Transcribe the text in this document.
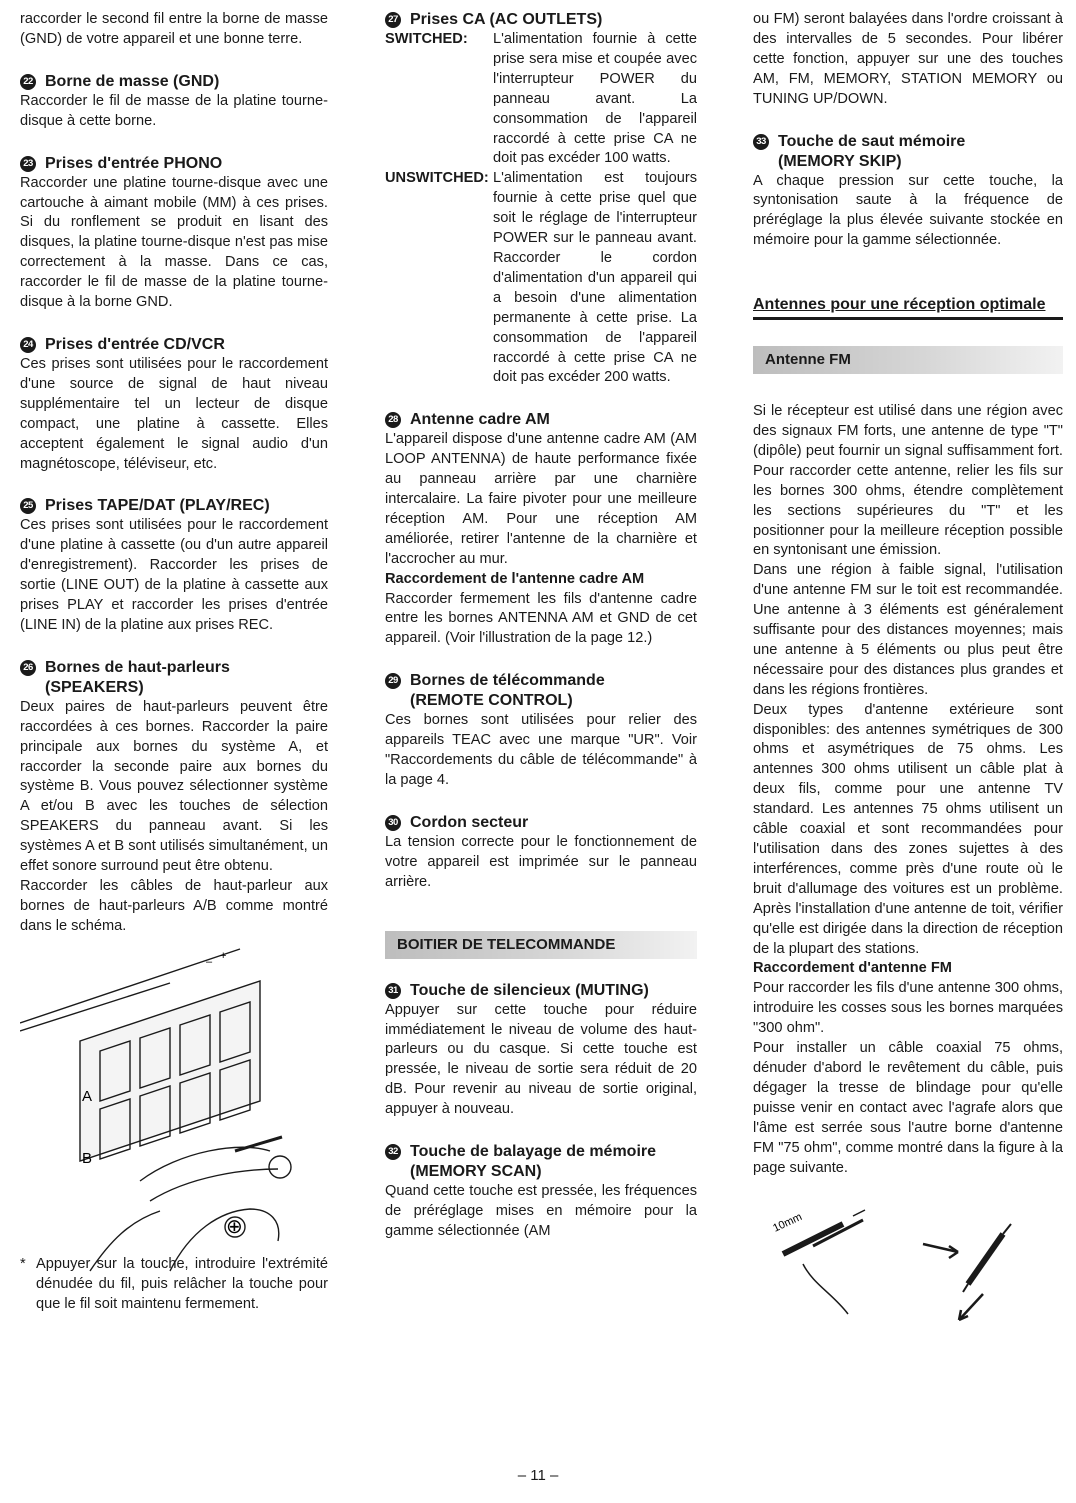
raccorder le second fil entre la borne de masse (GND) de votre appareil et une bonne terre.

22 Borne de masse (GND)

Raccorder le fil de masse de la platine tourne-disque à cette borne.

23 Prises d'entrée PHONO

Raccorder une platine tourne-disque avec une cartouche à aimant mobile (MM) à ces prises. Si du ronflement se produit en lisant des disques, la platine tourne-disque n'est pas mise correctement à la masse. Dans ce cas, raccorder le fil de masse de la platine tourne-disque à la borne GND.

24 Prises d'entrée CD/VCR

Ces prises sont utilisées pour le raccordement d'une source de signal de haut niveau supplémentaire tel un lecteur de disque compact, une platine à cassette. Elles acceptent également le signal audio d'un magnétoscope, téléviseur, etc.

25 Prises TAPE/DAT (PLAY/REC)

Ces prises sont utilisées pour le raccordement d'une platine à cassette (ou d'un autre appareil d'enregistrement). Raccorder les prises de sortie (LINE OUT) de la platine à cassette aux prises PLAY et raccorder les prises d'entrée (LINE IN) de la platine aux prises REC.

26 Bornes de haut-parleurs
(SPEAKERS)

Deux paires de haut-parleurs peuvent être raccordées à ces bornes. Raccorder la paire principale aux bornes du système A, et raccorder la seconde paire aux bornes du système B. Vous pouvez sélectionner système A et/ou B avec les touches de sélection SPEAKERS du panneau avant. Si les systèmes A et B sont utilisés simultanément, un effet sonore surround peut être obtenu.

Raccorder les câbles de haut-parleur aux bornes de haut-parleurs A/B comme montré dans le schéma.

A
B
– +
⊕
* Appuyer sur la touche, introduire l'extrémité dénudée du fil, puis relâcher la touche pour que le fil soit maintenu fermement.
27 Prises CA (AC OUTLETS)
SWITCHED:	L'alimentation fournie à cette prise sera mise et coupée avec l'interrupteur POWER du panneau avant. La consommation de l'appareil raccordé à cette prise CA ne doit pas excéder 100 watts.
UNSWITCHED: L'alimentation est toujours fournie à cette prise quel que soit le réglage de l'interrupteur POWER sur le panneau avant. Raccorder le cordon d'alimentation d'un appareil qui a besoin d'une alimentation permanente à cette prise. La consommation de l'appareil raccordé à cette prise CA ne doit pas excéder 200 watts.
28 Antenne cadre AM

L'appareil dispose d'une antenne cadre AM (AM LOOP ANTENNA) de haute performance fixée au panneau arrière par une charnière intercalaire. La faire pivoter pour une meilleure réception AM. Pour une réception AM améliorée, retirer l'antenne de la charnière et l'accrocher au mur.

Raccordement de l'antenne cadre AM

Raccorder fermement les fils d'antenne cadre entre les bornes ANTENNA AM et GND de cet appareil. (Voir l'illustration de la page 12.)

29 Bornes de télécommande
(REMOTE CONTROL)

Ces bornes sont utilisées pour relier des appareils TEAC avec une marque "UR". Voir "Raccordements du câble de télécommande" à la page 4.

30 Cordon secteur

La tension correcte pour le fonctionnement de votre appareil est imprimée sur le panneau arrière.

BOITIER DE TELECOMMANDE
31 Touche de silencieux (MUTING)

Appuyer sur cette touche pour réduire immédiatement le niveau de volume des haut-parleurs ou du casque. Si cette touche est pressée, le niveau de sortie sera réduit de 20 dB. Pour revenir au niveau de sortie original, appuyer à nouveau.

32 Touche de balayage de mémoire
(MEMORY SCAN)

Quand cette touche est pressée, les fréquences de préréglage mises en mémoire pour la gamme sélectionnée (AM

ou FM) seront balayées dans l'ordre croissant à des intervalles de 5 secondes. Pour libérer cette fonction, appuyer sur une des touches AM, FM, MEMORY, STATION MEMORY ou TUNING UP/DOWN.

33 Touche de saut mémoire
(MEMORY SKIP)

A chaque pression sur cette touche, la syntonisation saute à la fréquence de préréglage la plus élevée suivante stockée en mémoire pour la gamme sélectionnée.

Antennes pour une réception optimale
Antenne FM

Si le récepteur est utilisé dans une région avec des signaux FM forts, une antenne de type "T" (dipôle) peut fournir un signal suffisamment fort. Pour raccorder cette antenne, relier les fils sur les bornes 300 ohms, étendre complètement les sections supérieures du "T" et les positionner pour la meilleure réception possible en syntonisant une émission.

Dans une région à faible signal, l'utilisation d'une antenne FM sur le toit est recommandée. Une antenne à 3 éléments est généralement suffisante pour des distances moyennes; mais une antenne à 5 éléments ou plus peut être nécessaire pour des distances plus grandes et dans les régions frontières.

Deux types d'antenne extérieure sont disponibles: des antennes symétriques de 300 ohms et asymétriques de 75 ohms. Les antennes 300 ohms utilisent un câble plat à deux fils, comme pour une antenne TV standard. Les antennes 75 ohms utilisent un câble coaxial et sont recommandées pour l'utilisation dans des zones sujettes à des interférences, comme près d'une route où le bruit d'allumage des voitures est un problème. Après l'installation d'une antenne de toit, vérifier qu'elle est dirigée dans la direction de réception de la plupart des stations.

Raccordement d'antenne FM

Pour raccorder les fils d'une antenne 300 ohms, introduire les cosses sous les bornes marquées "300 ohm".

Pour installer un câble coaxial 75 ohms, dénuder d'abord le revêtement du câble, puis dégager la tresse de blindage pour qu'elle puisse venir en contact avec l'agrafe alors que l'âme est serrée sous l'autre borne d'antenne FM "75 ohm", comme montré dans la figure à la page suivante.

10mm
– 11 –
